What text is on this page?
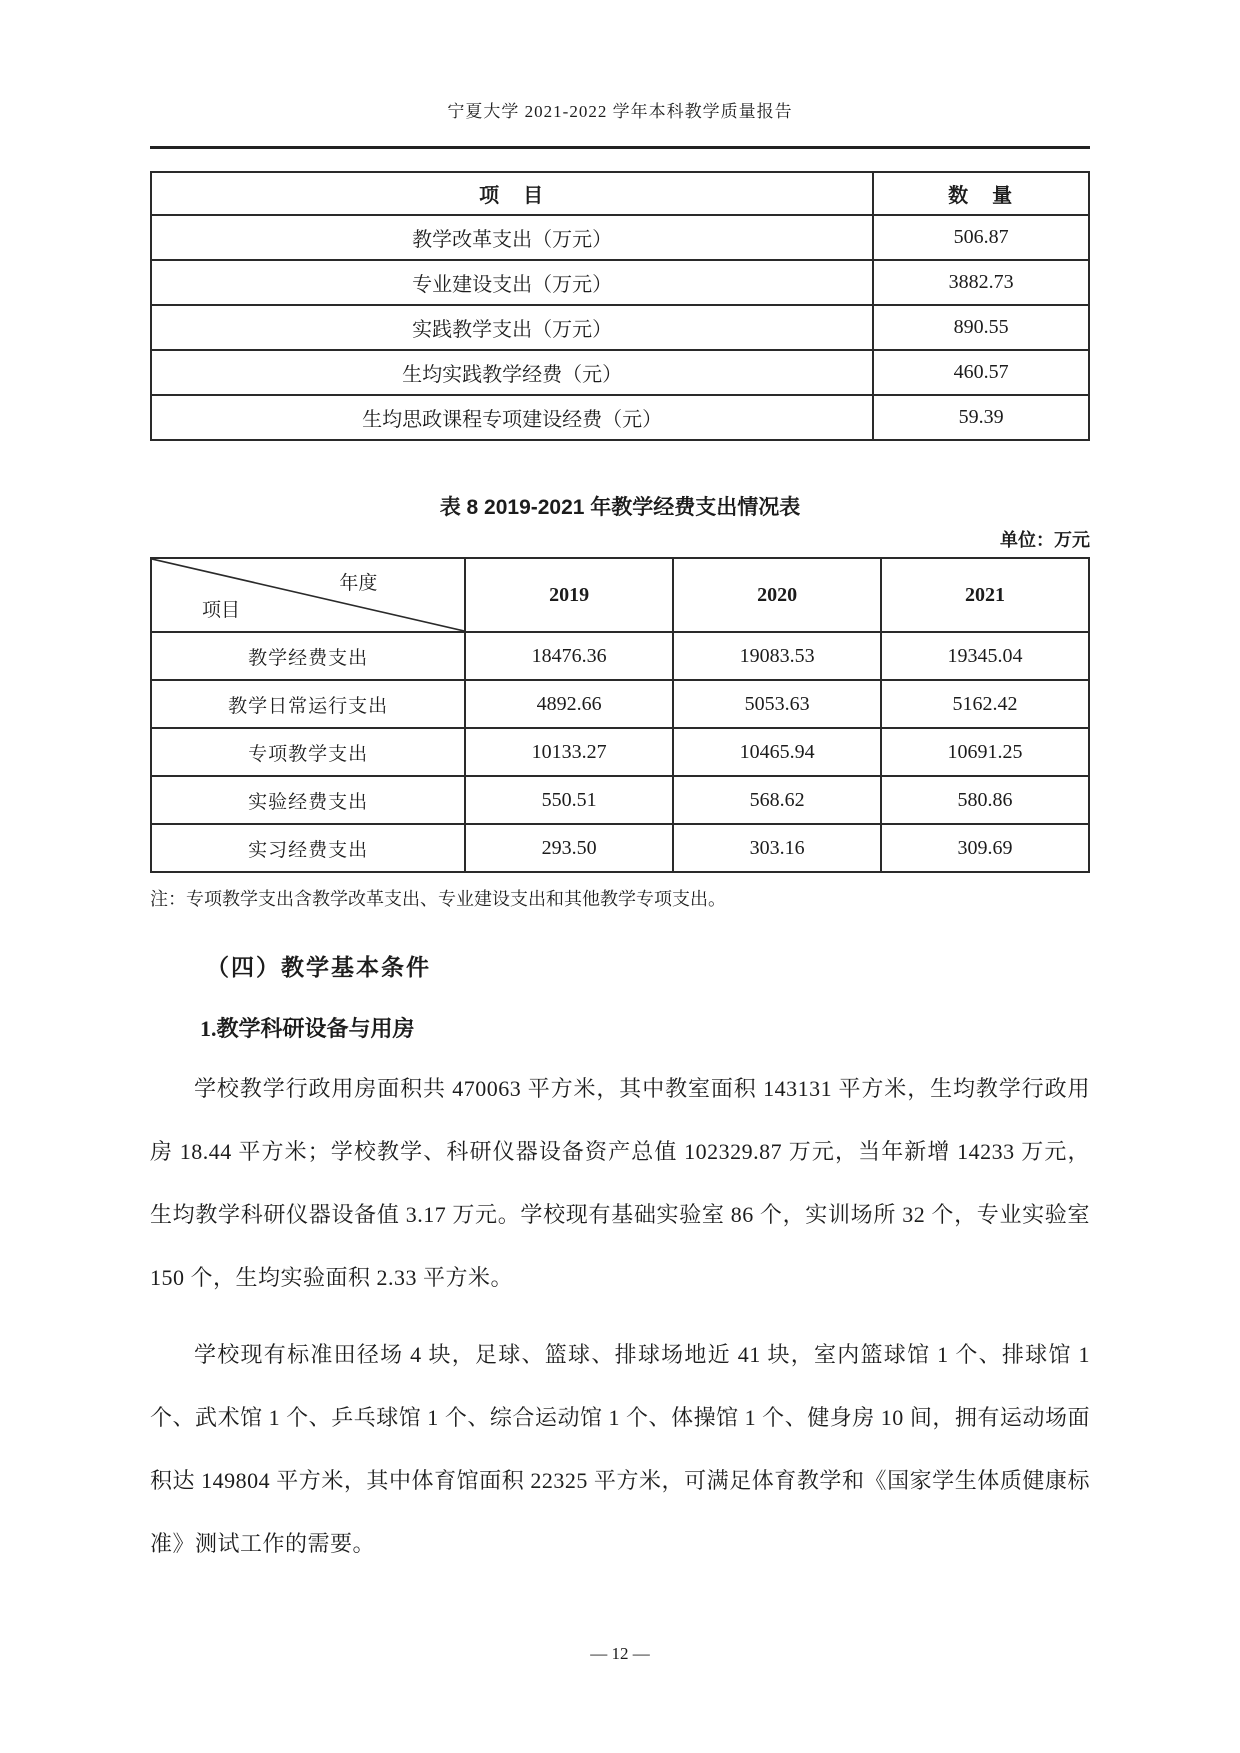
宁夏大学 2021-2022 学年本科教学质量报告
项　目	数　量
教学改革支出（万元）	506.87
专业建设支出（万元）	3882.73
实践教学支出（万元）	890.55
生均实践教学经费（元）	460.57
生均思政课程专项建设经费（元）	59.39
表 8 2019-2021 年教学经费支出情况表
单位：万元
年度
项目	2019	2020	2021
教学经费支出	18476.36	19083.53	19345.04
教学日常运行支出	4892.66	5053.63	5162.42
专项教学支出	10133.27	10465.94	10691.25
实验经费支出	550.51	568.62	580.86
实习经费支出	293.50	303.16	309.69
注：专项教学支出含教学改革支出、专业建设支出和其他教学专项支出。
（四）教学基本条件
1.教学科研设备与用房

学校教学行政用房面积共 470063 平方米，其中教室面积 143131 平方米，生均教学行政用房 18.44 平方米；学校教学、科研仪器设备资产总值 102329.87 万元，当年新增 14233 万元，生均教学科研仪器设备值 3.17 万元。学校现有基础实验室 86 个，实训场所 32 个，专业实验室 150 个，生均实验面积 2.33 平方米。

学校现有标准田径场 4 块，足球、篮球、排球场地近 41 块，室内篮球馆 1 个、排球馆 1 个、武术馆 1 个、乒乓球馆 1 个、综合运动馆 1 个、体操馆 1 个、健身房 10 间，拥有运动场面积达 149804 平方米，其中体育馆面积 22325 平方米，可满足体育教学和《国家学生体质健康标准》测试工作的需要。

— 12 —
